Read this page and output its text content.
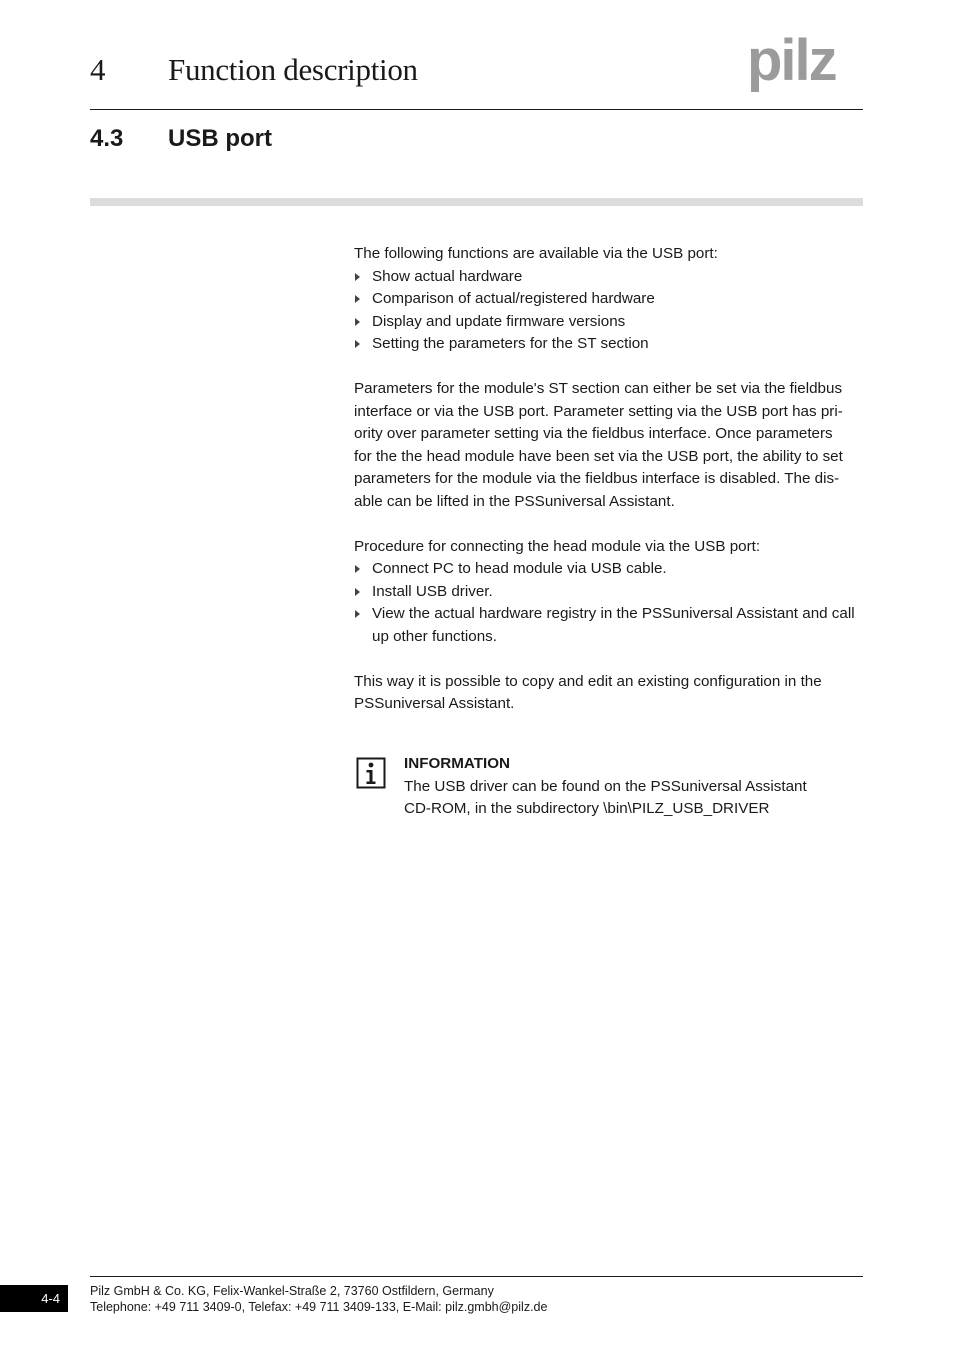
4 Function description	pilz
4.3 USB port

The following functions are available via the USB port:

Show actual hardware
Comparison of actual/registered hardware
Display and update firmware versions
Setting the parameters for the ST section
Parameters for the module's ST section can either be set via the fieldbus
interface or via the USB port. Parameter setting via the USB port has pri-
ority over parameter setting via the fieldbus interface. Once parameters
for the the head module have been set via the USB port, the ability to set
parameters for the module via the fieldbus interface is disabled. The dis-
able can be lifted in the PSSuniversal Assistant.

Procedure for connecting the head module via the USB port:

Connect PC to head module via USB cable.
Install USB driver.
View the actual hardware registry in the PSSuniversal Assistant and call up other functions.
This way it is possible to copy and edit an existing configuration in the
PSSuniversal Assistant.
INFORMATION
The USB driver can be found on the PSSuniversal Assistant
CD-ROM, in the subdirectory \bin\PILZ_USB_DRIVER
4-4	Pilz GmbH & Co. KG, Felix-Wankel-Straße 2, 73760 Ostfildern, Germany
Telephone: +49 711 3409-0, Telefax: +49 711 3409-133, E-Mail: pilz.gmbh@pilz.de
